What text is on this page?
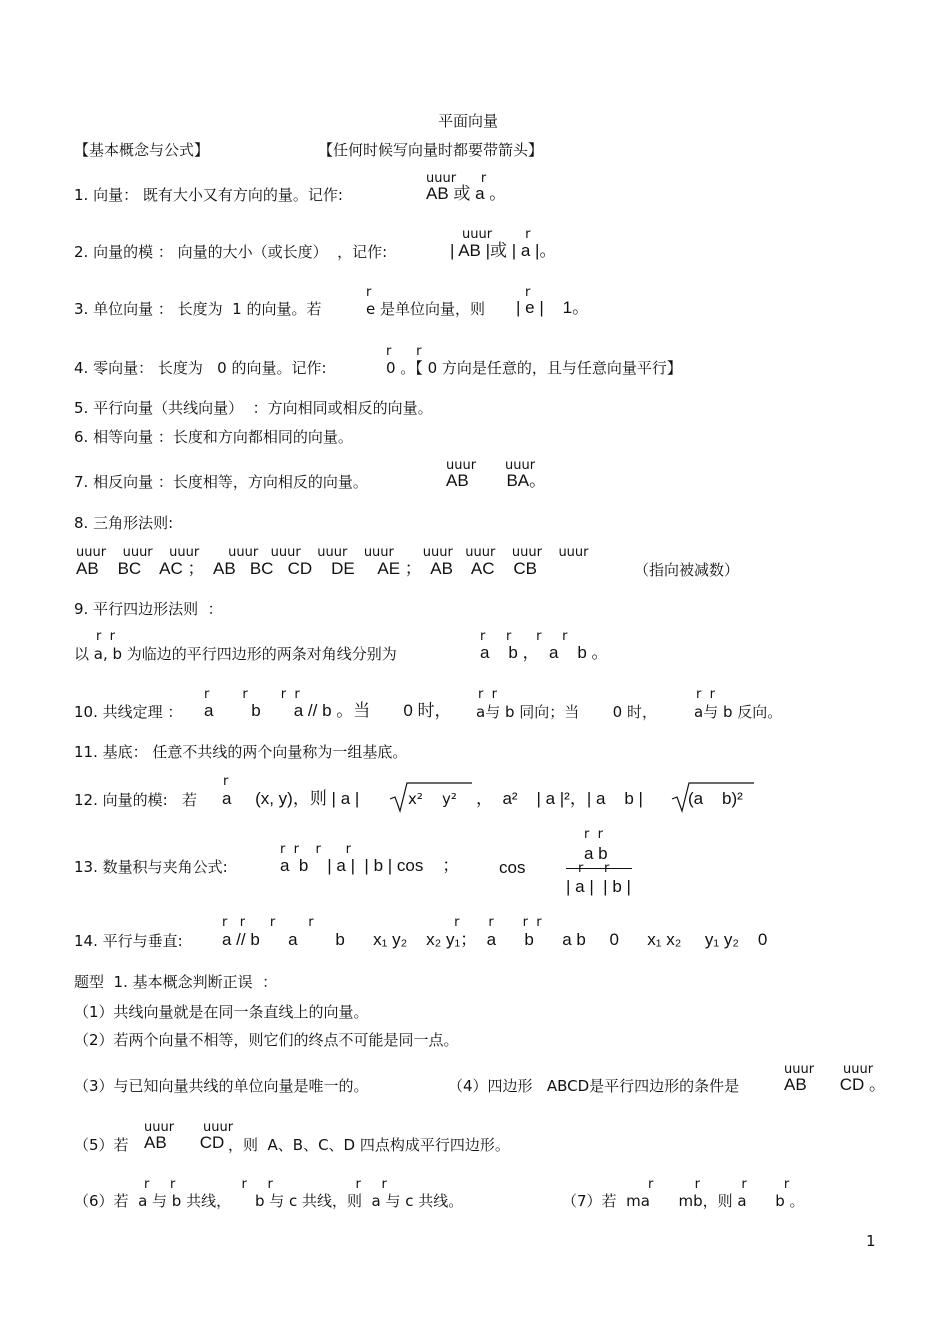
平面向量
【基本概念与公式】	【任何时候写向量时都要带箭头】
uuur      r
1. 向量： 既有大小又有方向的量。记作:	AB 或 a 。
uuur        r
2. 向量的模 ： 向量的大小（或长度）  ，记作:	| AB |或 | a |。
r	r
3. 单位向量 ： 长度为  1 的向量。若	e 是单位向量，则 | e |    1。
r      r
4. 零向量： 长度为   0 的向量。记作:	0 。【 0 方向是任意的，且与任意向量平行】
5. 平行向量（共线向量）  ：方向相同或相反的向量。
6. 相等向量 ：长度和方向都相同的向量。
uuur       uuur
7. 相反向量 ：长度相等，方向相反的向量。	AB        BA。
8. 三角形法则:
uuur    uuur    uuur       uuur   uuur    uuur    uuur       uuur   uuur    uuur    uuur
AB    BC    AC ；  AB   BC   CD    DE     AE ；  AB    AC    CB	（指向被减数）
9. 平行四边形法则  ：
r  r
以 a, b 为临边的平行四边形的两条对角线分别为
r     r      r     r
a    b ，  a    b 。
r        r        r  r
10. 共线定理 ： a        b       a // b 。当       0 时，
r  r
a与 b 同向；当       0 时，
r  r
a与 b 反向。
11. 基底： 任意不共线的两个向量称为一组基底。
r
12. 向量的模:   若 a     (x, y)，则 | a |	x²    y² ，  a²    | a |²，| a    b |	(a    b)²
r  r    r      r
13. 数量积与夹角公式:	a  b    | a |  | b | cos    ； cos
r  r
a b
r     r
| a |  | b |
r   r      r        r                                  r       r       r  r
14. 平行与垂直: a // b      a        b      x₁ y₂    x₂ y₁；  a      b      a b     0      x₁ x₂     y₁ y₂    0
题型  1. 基本概念判断正误  ：
（1）共线向量就是在同一条直线上的向量。
（2）若两个向量不相等，则它们的终点不可能是同一点。
（3）与已知向量共线的单位向量是唯一的。	（4）四边形   ABCD是平行四边形的条件是
uuur       uuur
AB       CD 。
（5）若
uuur       uuur
AB       CD ，则  A、B、C、D 四点构成平行四边形。
r     r                r     r                    r     r
（6）若  a 与 b 共线，     b 与 c 共线，则  a 与 c 共线。
r          r          r         r
（7）若  ma      mb，则 a      b 。
1
